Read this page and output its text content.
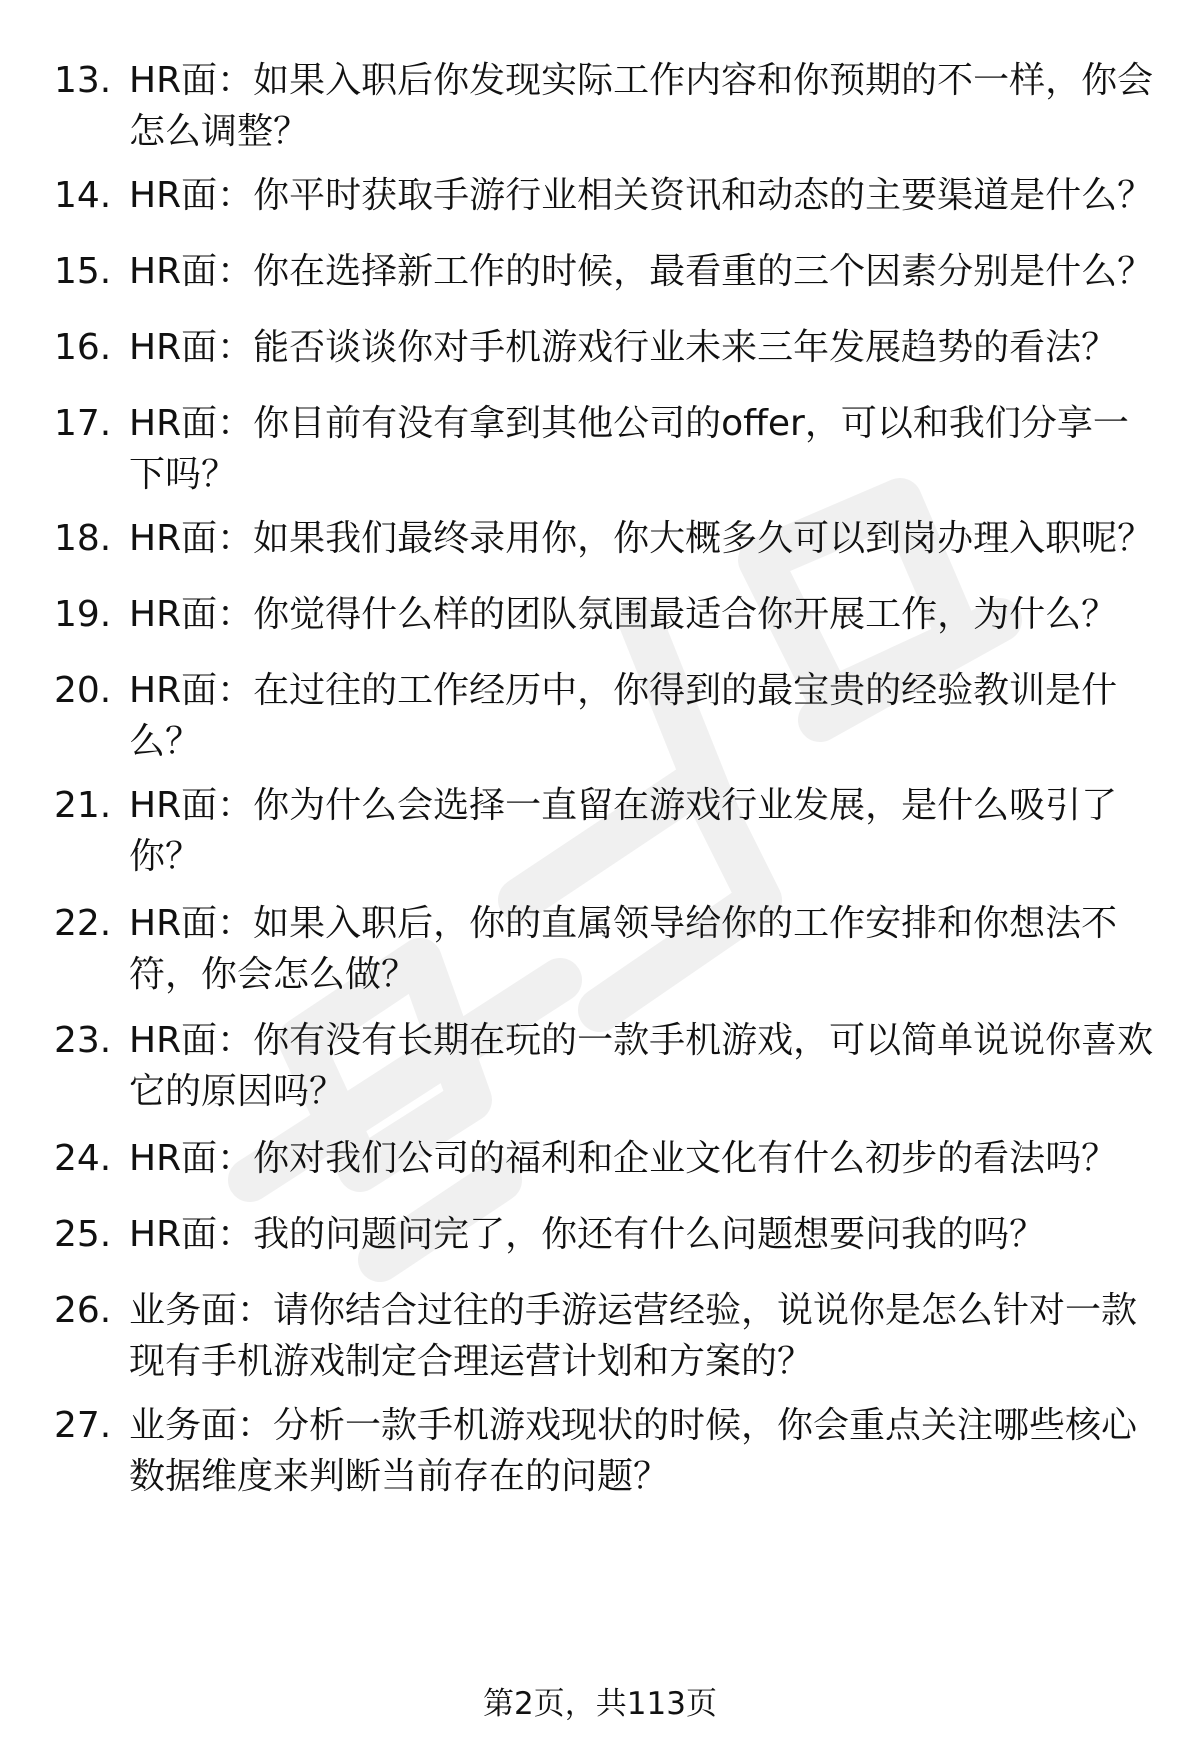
13. HR面：如果入职后你发现实际工作内容和你预期的不一样，你会怎么调整？
14. HR面：你平时获取手游行业相关资讯和动态的主要渠道是什么？
15. HR面：你在选择新工作的时候，最看重的三个因素分别是什么？
16. HR面：能否谈谈你对手机游戏行业未来三年发展趋势的看法？
17. HR面：你目前有没有拿到其他公司的offer，可以和我们分享一下吗？
18. HR面：如果我们最终录用你，你大概多久可以到岗办理入职呢？
19. HR面：你觉得什么样的团队氛围最适合你开展工作，为什么？
20. HR面：在过往的工作经历中，你得到的最宝贵的经验教训是什么？
21. HR面：你为什么会选择一直留在游戏行业发展，是什么吸引了你？
22. HR面：如果入职后，你的直属领导给你的工作安排和你想法不符，你会怎么做？
23. HR面：你有没有长期在玩的一款手机游戏，可以简单说说你喜欢它的原因吗？
24. HR面：你对我们公司的福利和企业文化有什么初步的看法吗？
25. HR面：我的问题问完了，你还有什么问题想要问我的吗？
26. 业务面：请你结合过往的手游运营经验，说说你是怎么针对一款现有手机游戏制定合理运营计划和方案的？
27. 业务面：分析一款手机游戏现状的时候，你会重点关注哪些核心数据维度来判断当前存在的问题？
第2页，共113页
